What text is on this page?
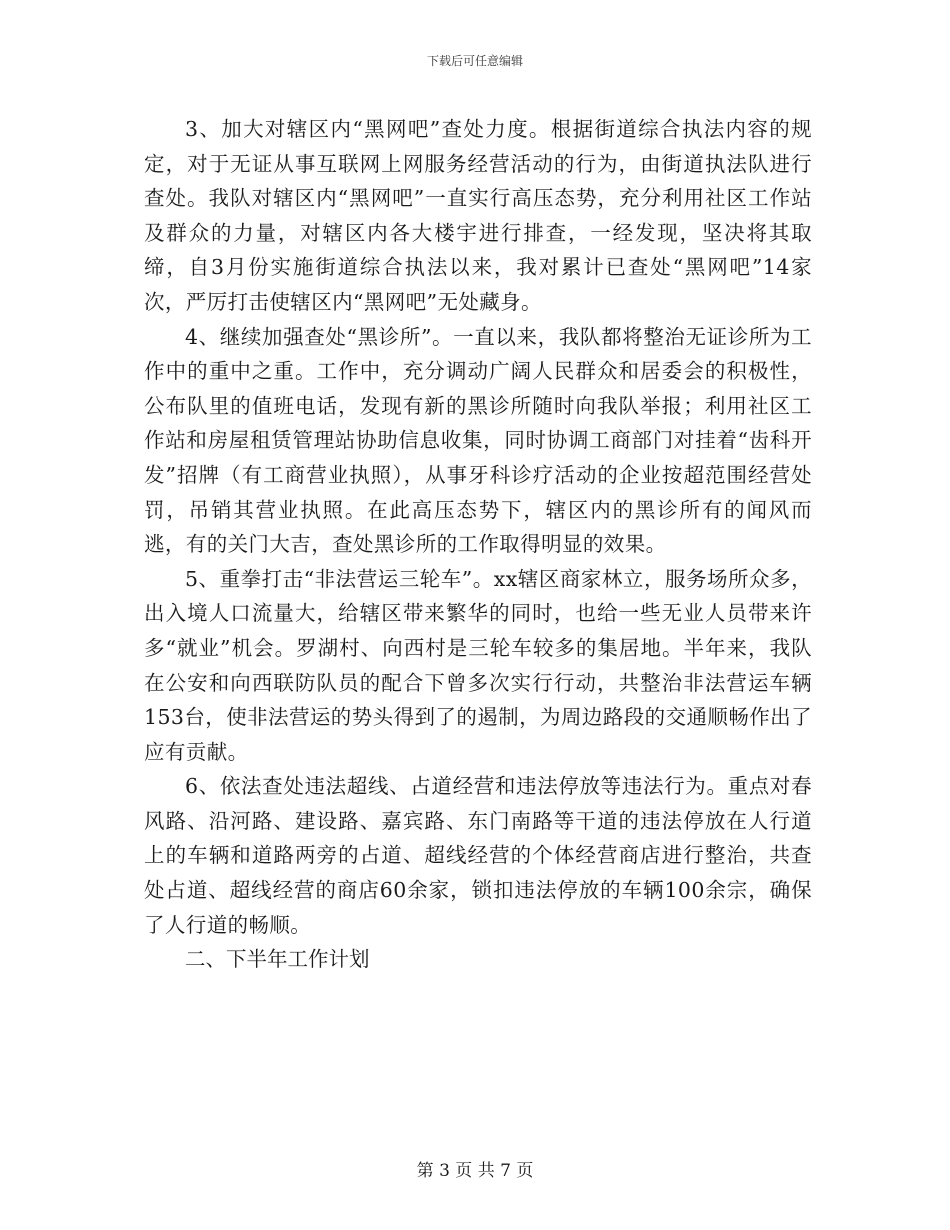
下载后可任意编辑

3、加大对辖区内“黑网吧”查处力度。根据街道综合执法内容的规定，对于无证从事互联网上网服务经营活动的行为，由街道执法队进行查处。我队对辖区内“黑网吧”一直实行高压态势，充分利用社区工作站及群众的力量，对辖区内各大楼宇进行排查，一经发现，坚决将其取缔，自3月份实施街道综合执法以来，我对累计已查处“黑网吧”14家次，严厉打击使辖区内“黑网吧”无处藏身。

4、继续加强查处“黑诊所”。一直以来，我队都将整治无证诊所为工作中的重中之重。工作中，充分调动广阔人民群众和居委会的积极性，公布队里的值班电话，发现有新的黑诊所随时向我队举报；利用社区工作站和房屋租赁管理站协助信息收集，同时协调工商部门对挂着“齿科开发”招牌（有工商营业执照），从事牙科诊疗活动的企业按超范围经营处罚，吊销其营业执照。在此高压态势下，辖区内的黑诊所有的闻风而逃，有的关门大吉，查处黑诊所的工作取得明显的效果。

5、重拳打击“非法营运三轮车”。xx辖区商家林立，服务场所众多，出入境人口流量大，给辖区带来繁华的同时，也给一些无业人员带来许多“就业”机会。罗湖村、向西村是三轮车较多的集居地。半年来，我队在公安和向西联防队员的配合下曾多次实行行动，共整治非法营运车辆153台，使非法营运的势头得到了的遏制，为周边路段的交通顺畅作出了应有贡献。

6、依法查处违法超线、占道经营和违法停放等违法行为。重点对春风路、沿河路、建设路、嘉宾路、东门南路等干道的违法停放在人行道上的车辆和道路两旁的占道、超线经营的个体经营商店进行整治，共查处占道、超线经营的商店60余家，锁扣违法停放的车辆100余宗，确保了人行道的畅顺。

二、下半年工作计划

第 3 页 共 7 页
